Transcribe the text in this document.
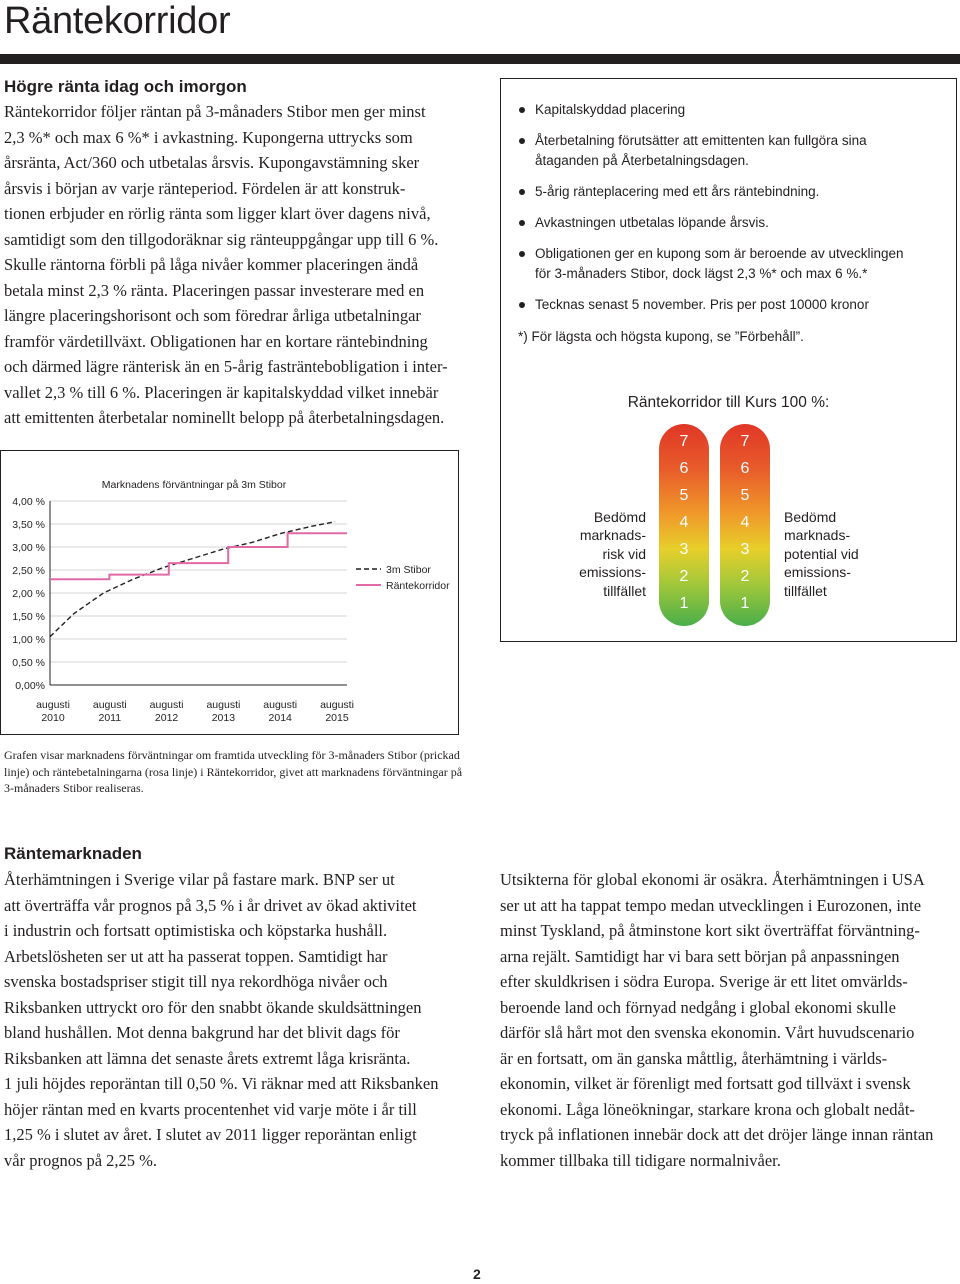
Räntekorridor
Högre ränta idag och imorgon
Räntekorridor följer räntan på 3-månaders Stibor men ger minst
2,3 %* och max 6 %* i avkastning. Kupongerna uttrycks som
årsränta, Act/360 och utbetalas årsvis. Kupongavstämning sker
årsvis i början av varje ränteperiod. Fördelen är att konstruk-
tionen erbjuder en rörlig ränta som ligger klart över dagens nivå,
samtidigt som den tillgodoräknar sig ränteuppgångar upp till 6 %.
Skulle räntorna förbli på låga nivåer kommer placeringen ändå
betala minst 2,3 % ränta. Placeringen passar investerare med en
längre placeringshorisont och som föredrar årliga utbetalningar
framför värdetillväxt. Obligationen har en kortare räntebindning
och därmed lägre ränterisk än en 5-årig fasträntebobligation i inter-
vallet 2,3 % till 6 %. Placeringen är kapitalskyddad vilket innebär
att emittenten återbetalar nominellt belopp på återbetalningsdagen.
Kapitalskyddad placering
Återbetalning förutsätter att emittenten kan fullgöra sina
åtaganden på Återbetalningsdagen.
5-årig ränteplacering med ett års räntebindning.
Avkastningen utbetalas löpande årsvis.
Obligationen ger en kupong som är beroende av utvecklingen
för 3-månaders Stibor, dock lägst 2,3 %* och max 6 %.*
Tecknas senast 5 november. Pris per post 10000 kronor
*) För lägsta och högsta kupong, se ”Förbehåll”.
Räntekorridor till Kurs 100 %:
Bedömd
marknads-
risk vid
emissions-
tillfället
7
6
5
4
3
2
1
7
6
5
4
3
2
1
Bedömd
marknads-
potential vid
emissions-
tillfället
4,00 %
3,50 %
3,00 %
2,50 %
2,00 %
1,50 %
1,00 %
0,50 %
0,00%
augusti
2010
augusti
2011
augusti
2012
augusti
2013
augusti
2014
augusti
2015
Marknadens förväntningar på 3m Stibor
3m Stibor
Räntekorridor
Grafen visar marknadens förväntningar om framtida utveckling för 3-månaders Stibor (prickad linje) och räntebetalningarna (rosa linje) i Räntekorridor, givet att marknadens förväntningar på 3-månaders Stibor realiseras.
Räntemarknaden
Återhämtningen i Sverige vilar på fastare mark. BNP ser ut
att överträffa vår prognos på 3,5 % i år drivet av ökad aktivitet
i industrin och fortsatt optimistiska och köpstarka hushåll.
Arbetslösheten ser ut att ha passerat toppen. Samtidigt har
svenska bostadspriser stigit till nya rekordhöga nivåer och
Riksbanken uttryckt oro för den snabbt ökande skuldsättningen
bland hushållen. Mot denna bakgrund har det blivit dags för
Riksbanken att lämna det senaste årets extremt låga krisränta.
1 juli höjdes reporäntan till 0,50 %. Vi räknar med att Riksbanken
höjer räntan med en kvarts procentenhet vid varje möte i år till
1,25 % i slutet av året. I slutet av 2011 ligger reporäntan enligt
vår prognos på 2,25 %.
Utsikterna för global ekonomi är osäkra. Återhämtningen i USA
ser ut att ha tappat tempo medan utvecklingen i Eurozonen, inte
minst Tyskland, på åtminstone kort sikt överträffat förväntning-
arna rejält. Samtidigt har vi bara sett början på anpassningen
efter skuldkrisen i södra Europa. Sverige är ett litet omvärlds-
beroende land och förnyad nedgång i global ekonomi skulle
därför slå hårt mot den svenska ekonomin. Vårt huvudscenario
är en fortsatt, om än ganska måttlig, återhämtning i världs-
ekonomin, vilket är förenligt med fortsatt god tillväxt i svensk
ekonomi. Låga löneökningar, starkare krona och globalt nedåt-
tryck på inflationen innebär dock att det dröjer länge innan räntan
kommer tillbaka till tidigare normalnivåer.
2
